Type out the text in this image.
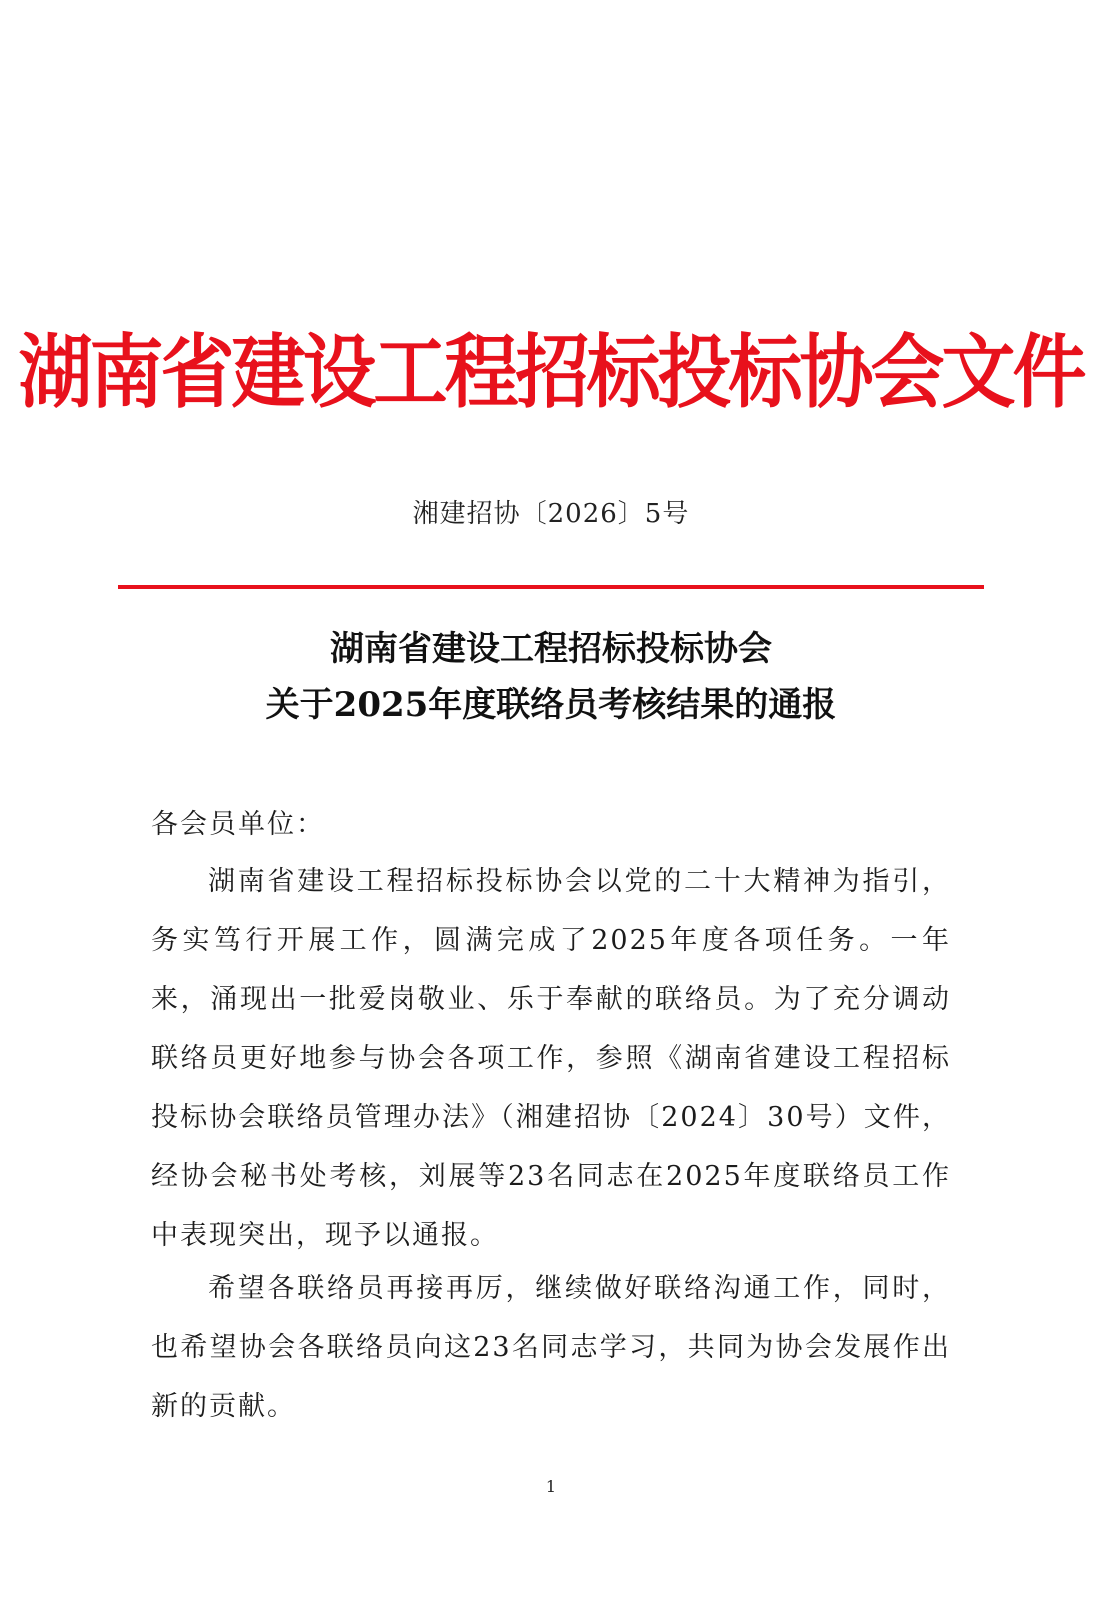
湖南省建设工程招标投标协会文件
湘建招协〔2026〕5号
湖南省建设工程招标投标协会
关于2025年度联络员考核结果的通报
各会员单位：
湖南省建设工程招标投标协会以党的二十大精神为指引，务实笃行开展工作，圆满完成了2025年度各项任务。一年来，涌现出一批爱岗敬业、乐于奉献的联络员。为了充分调动联络员更好地参与协会各项工作，参照《湖南省建设工程招标投标协会联络员管理办法》（湘建招协〔2024〕30号）文件，经协会秘书处考核，刘展等23名同志在2025年度联络员工作中表现突出，现予以通报。
希望各联络员再接再厉，继续做好联络沟通工作，同时，也希望协会各联络员向这23名同志学习，共同为协会发展作出新的贡献。
1
